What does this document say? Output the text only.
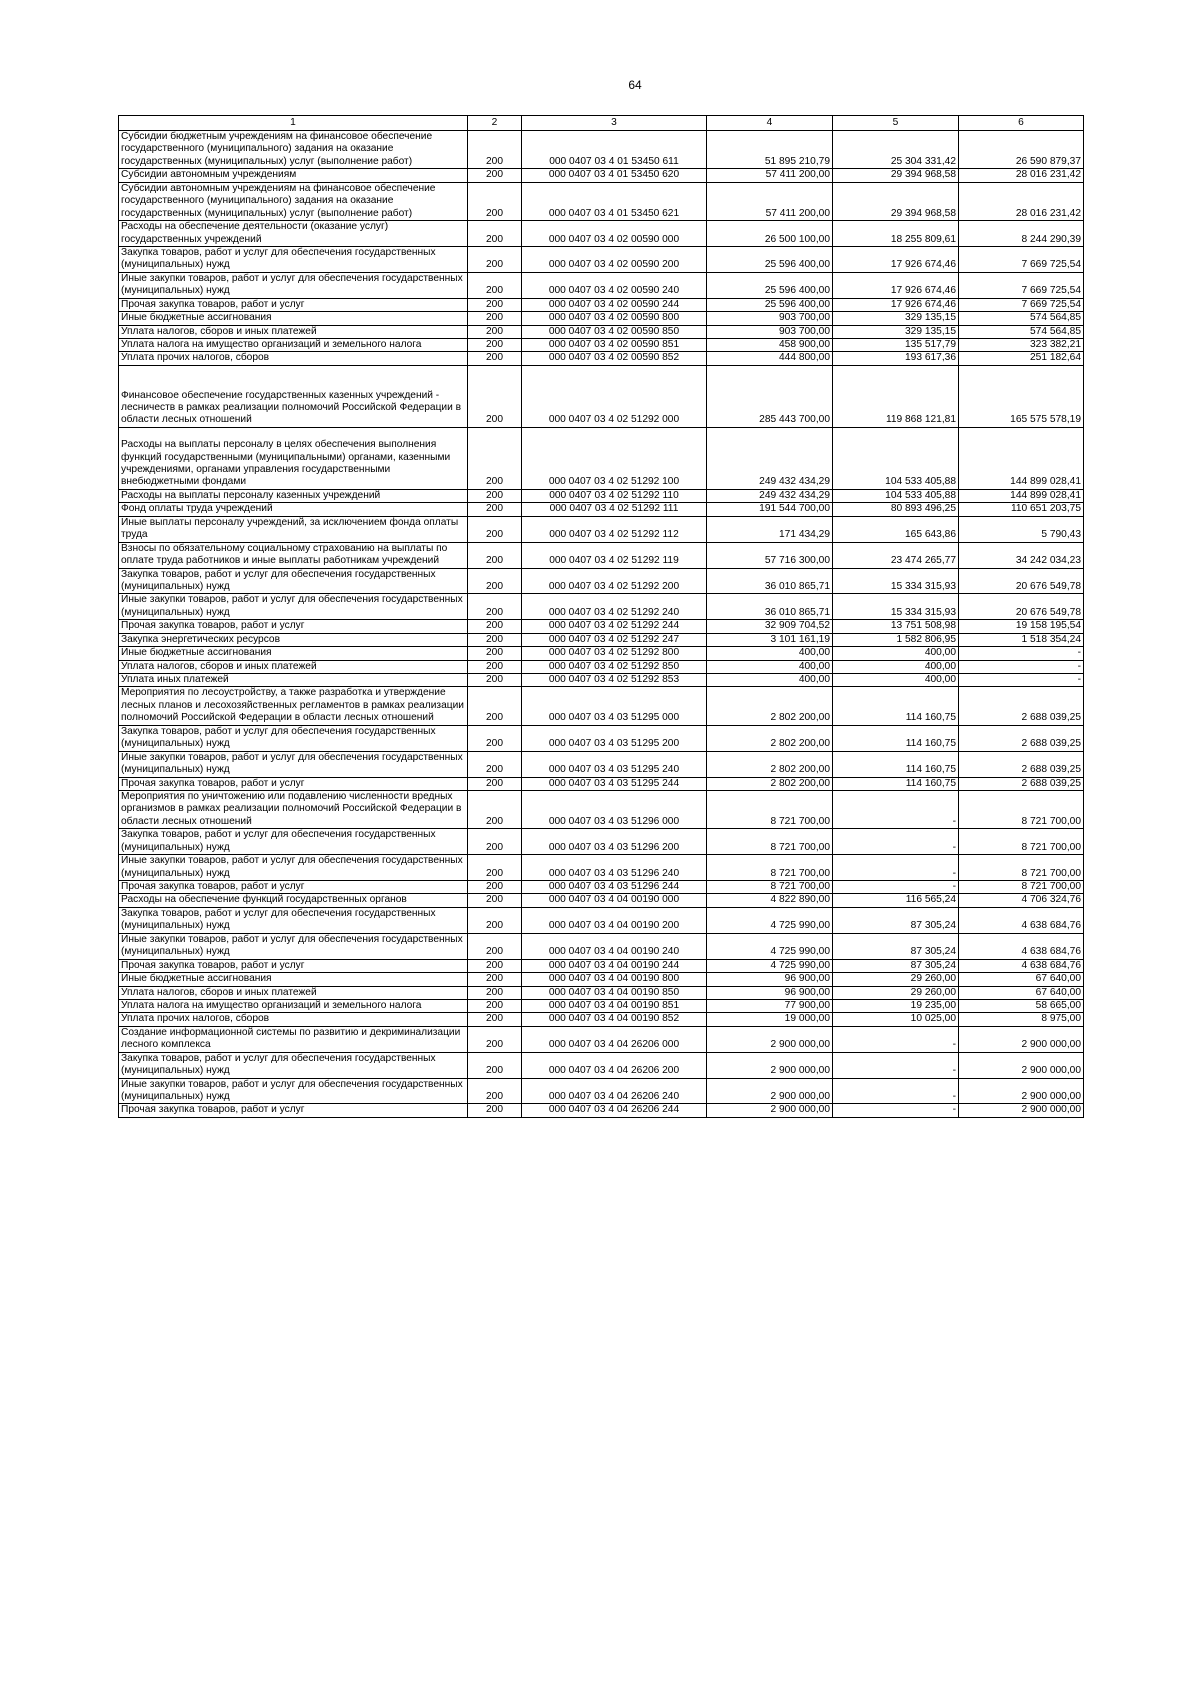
64
1	2	3	4	5	6
Субсидии бюджетным учреждениям на финансовое обеспечение государственного (муниципального) задания на оказание государственных (муниципальных) услуг (выполнение работ)	200	000 0407 03 4 01 53450 611	51 895 210,79	25 304 331,42	26 590 879,37
Субсидии автономным учреждениям	200	000 0407 03 4 01 53450 620	57 411 200,00	29 394 968,58	28 016 231,42
Субсидии автономным учреждениям на финансовое обеспечение государственного (муниципального) задания на оказание государственных (муниципальных) услуг (выполнение работ)	200	000 0407 03 4 01 53450 621	57 411 200,00	29 394 968,58	28 016 231,42
Расходы на обеспечение деятельности (оказание услуг) государственных учреждений	200	000 0407 03 4 02 00590 000	26 500 100,00	18 255 809,61	8 244 290,39
Закупка товаров, работ и услуг для обеспечения государственных (муниципальных) нужд	200	000 0407 03 4 02 00590 200	25 596 400,00	17 926 674,46	7 669 725,54
Иные закупки товаров, работ и услуг для обеспечения государственных (муниципальных) нужд	200	000 0407 03 4 02 00590 240	25 596 400,00	17 926 674,46	7 669 725,54
Прочая закупка товаров, работ и услуг	200	000 0407 03 4 02 00590 244	25 596 400,00	17 926 674,46	7 669 725,54
Иные бюджетные ассигнования	200	000 0407 03 4 02 00590 800	903 700,00	329 135,15	574 564,85
Уплата налогов, сборов и иных платежей	200	000 0407 03 4 02 00590 850	903 700,00	329 135,15	574 564,85
Уплата налога на имущество организаций и земельного налога	200	000 0407 03 4 02 00590 851	458 900,00	135 517,79	323 382,21
Уплата прочих налогов, сборов	200	000 0407 03 4 02 00590 852	444 800,00	193 617,36	251 182,64
Финансовое обеспечение государственных казенных учреждений - лесничеств в рамках реализации полномочий Российской Федерации в области лесных отношений	200	000 0407 03 4 02 51292 000	285 443 700,00	119 868 121,81	165 575 578,19
Расходы на выплаты персоналу в целях обеспечения выполнения функций государственными (муниципальными) органами, казенными учреждениями, органами управления государственными внебюджетными фондами	200	000 0407 03 4 02 51292 100	249 432 434,29	104 533 405,88	144 899 028,41
Расходы на выплаты персоналу казенных учреждений	200	000 0407 03 4 02 51292 110	249 432 434,29	104 533 405,88	144 899 028,41
Фонд оплаты труда учреждений	200	000 0407 03 4 02 51292 111	191 544 700,00	80 893 496,25	110 651 203,75
Иные выплаты персоналу учреждений, за исключением фонда оплаты труда	200	000 0407 03 4 02 51292 112	171 434,29	165 643,86	5 790,43
Взносы по обязательному социальному страхованию на выплаты по оплате труда работников и иные выплаты работникам учреждений	200	000 0407 03 4 02 51292 119	57 716 300,00	23 474 265,77	34 242 034,23
Закупка товаров, работ и услуг для обеспечения государственных (муниципальных) нужд	200	000 0407 03 4 02 51292 200	36 010 865,71	15 334 315,93	20 676 549,78
Иные закупки товаров, работ и услуг для обеспечения государственных (муниципальных) нужд	200	000 0407 03 4 02 51292 240	36 010 865,71	15 334 315,93	20 676 549,78
Прочая закупка товаров, работ и услуг	200	000 0407 03 4 02 51292 244	32 909 704,52	13 751 508,98	19 158 195,54
Закупка энергетических ресурсов	200	000 0407 03 4 02 51292 247	3 101 161,19	1 582 806,95	1 518 354,24
Иные бюджетные ассигнования	200	000 0407 03 4 02 51292 800	400,00	400,00	-
Уплата налогов, сборов и иных платежей	200	000 0407 03 4 02 51292 850	400,00	400,00	-
Уплата иных платежей	200	000 0407 03 4 02 51292 853	400,00	400,00	-
Мероприятия по лесоустройству, а также разработка и утверждение лесных планов и лесохозяйственных регламентов в рамках реализации полномочий Российской Федерации в области лесных отношений	200	000 0407 03 4 03 51295 000	2 802 200,00	114 160,75	2 688 039,25
Закупка товаров, работ и услуг для обеспечения государственных (муниципальных) нужд	200	000 0407 03 4 03 51295 200	2 802 200,00	114 160,75	2 688 039,25
Иные закупки товаров, работ и услуг для обеспечения государственных (муниципальных) нужд	200	000 0407 03 4 03 51295 240	2 802 200,00	114 160,75	2 688 039,25
Прочая закупка товаров, работ и услуг	200	000 0407 03 4 03 51295 244	2 802 200,00	114 160,75	2 688 039,25
Мероприятия по уничтожению или подавлению численности вредных организмов в рамках реализации полномочий Российской Федерации в области лесных отношений	200	000 0407 03 4 03 51296 000	8 721 700,00	-	8 721 700,00
Закупка товаров, работ и услуг для обеспечения государственных (муниципальных) нужд	200	000 0407 03 4 03 51296 200	8 721 700,00	-	8 721 700,00
Иные закупки товаров, работ и услуг для обеспечения государственных (муниципальных) нужд	200	000 0407 03 4 03 51296 240	8 721 700,00	-	8 721 700,00
Прочая закупка товаров, работ и услуг	200	000 0407 03 4 03 51296 244	8 721 700,00	-	8 721 700,00
Расходы на обеспечение функций государственных органов	200	000 0407 03 4 04 00190 000	4 822 890,00	116 565,24	4 706 324,76
Закупка товаров, работ и услуг для обеспечения государственных (муниципальных) нужд	200	000 0407 03 4 04 00190 200	4 725 990,00	87 305,24	4 638 684,76
Иные закупки товаров, работ и услуг для обеспечения государственных (муниципальных) нужд	200	000 0407 03 4 04 00190 240	4 725 990,00	87 305,24	4 638 684,76
Прочая закупка товаров, работ и услуг	200	000 0407 03 4 04 00190 244	4 725 990,00	87 305,24	4 638 684,76
Иные бюджетные ассигнования	200	000 0407 03 4 04 00190 800	96 900,00	29 260,00	67 640,00
Уплата налогов, сборов и иных платежей	200	000 0407 03 4 04 00190 850	96 900,00	29 260,00	67 640,00
Уплата налога на имущество организаций и земельного налога	200	000 0407 03 4 04 00190 851	77 900,00	19 235,00	58 665,00
Уплата прочих налогов, сборов	200	000 0407 03 4 04 00190 852	19 000,00	10 025,00	8 975,00
Создание информационной системы по развитию и декриминализации лесного комплекса	200	000 0407 03 4 04 26206 000	2 900 000,00	-	2 900 000,00
Закупка товаров, работ и услуг для обеспечения государственных (муниципальных) нужд	200	000 0407 03 4 04 26206 200	2 900 000,00	-	2 900 000,00
Иные закупки товаров, работ и услуг для обеспечения государственных (муниципальных) нужд	200	000 0407 03 4 04 26206 240	2 900 000,00	-	2 900 000,00
Прочая закупка товаров, работ и услуг	200	000 0407 03 4 04 26206 244	2 900 000,00	-	2 900 000,00
